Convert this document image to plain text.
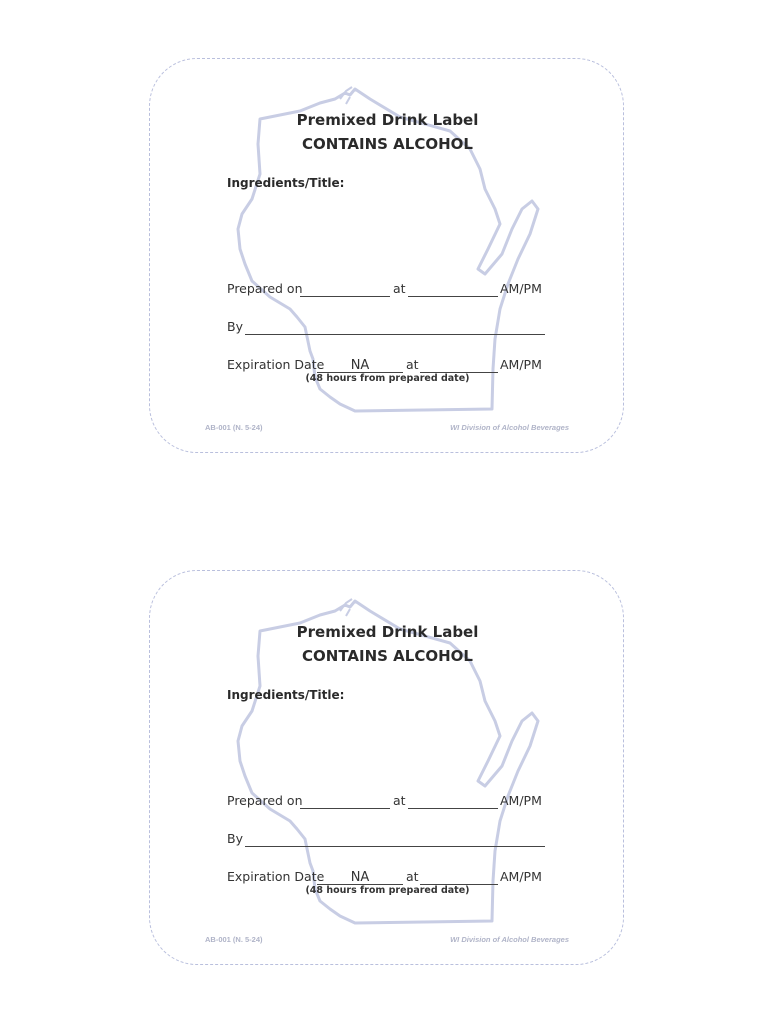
Premixed Drink Label
CONTAINS ALCOHOL
Ingredients/Title:
Prepared on	at	AM/PM
By
Expiration Date	NA	at	AM/PM
(48 hours from prepared date)
AB-001 (N. 5-24)	WI Division of Alcohol Beverages
Premixed Drink Label
CONTAINS ALCOHOL
Ingredients/Title:
Prepared on	at	AM/PM
By
Expiration Date	NA	at	AM/PM
(48 hours from prepared date)
AB-001 (N. 5-24)	WI Division of Alcohol Beverages
